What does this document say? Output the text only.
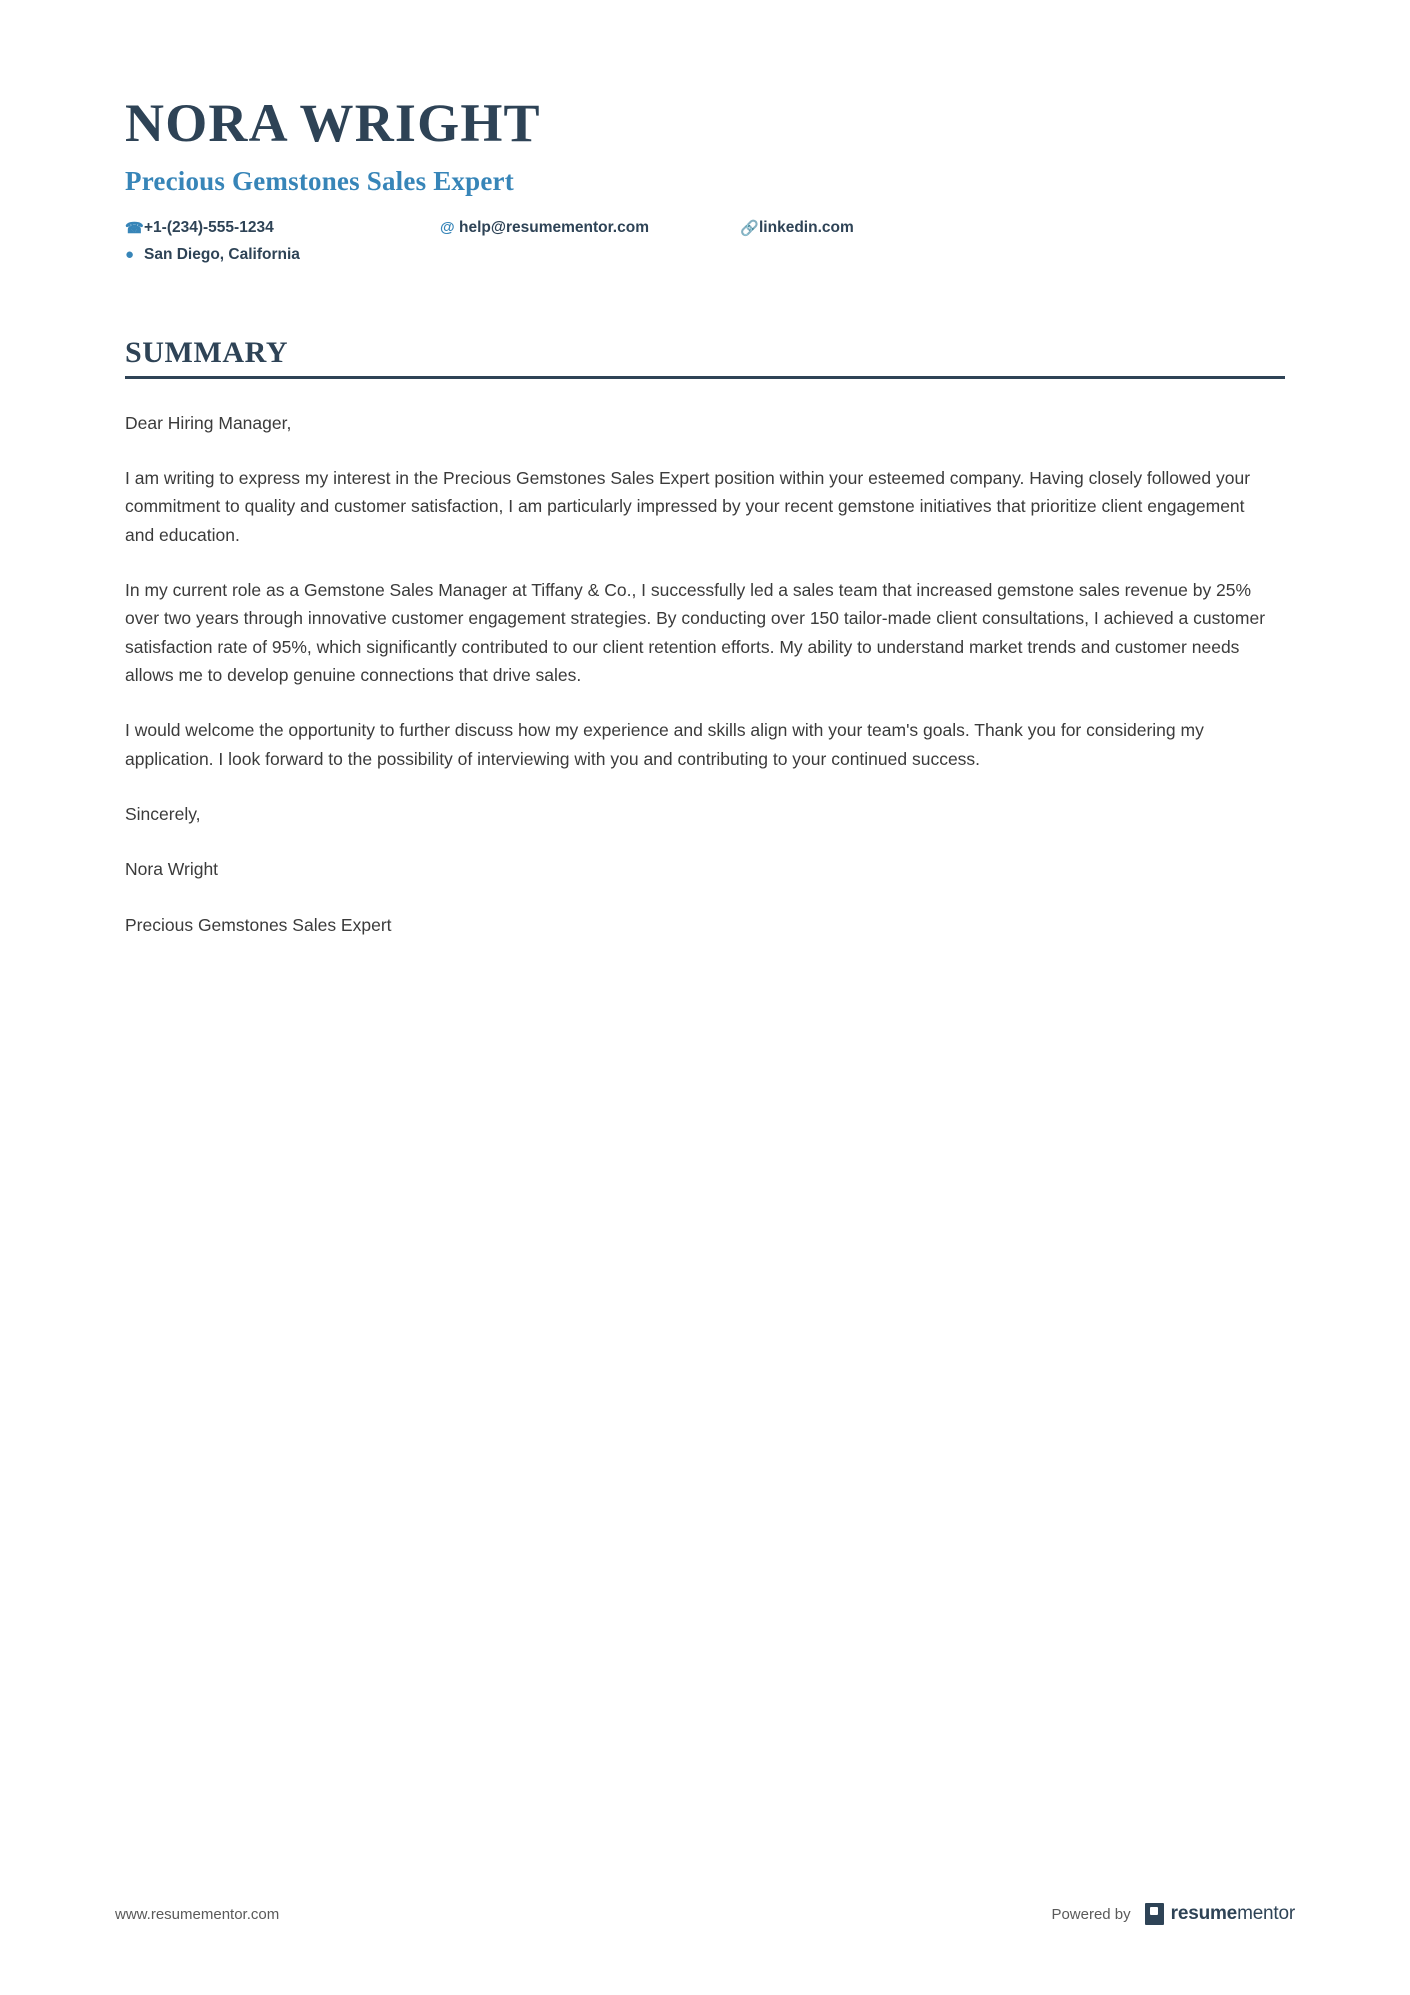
NORA WRIGHT
Precious Gemstones Sales Expert
☎ +1-(234)-555-1234	@ help@resumementor.com	🔗 linkedin.com
● San Diego, California
SUMMARY

Dear Hiring Manager,

I am writing to express my interest in the Precious Gemstones Sales Expert position within your esteemed company. Having closely followed your commitment to quality and customer satisfaction, I am particularly impressed by your recent gemstone initiatives that prioritize client engagement and education.

In my current role as a Gemstone Sales Manager at Tiffany & Co., I successfully led a sales team that increased gemstone sales revenue by 25% over two years through innovative customer engagement strategies. By conducting over 150 tailor-made client consultations, I achieved a customer satisfaction rate of 95%, which significantly contributed to our client retention efforts. My ability to understand market trends and customer needs allows me to develop genuine connections that drive sales.

I would welcome the opportunity to further discuss how my experience and skills align with your team's goals. Thank you for considering my application. I look forward to the possibility of interviewing with you and contributing to your continued success.

Sincerely,

Nora Wright

Precious Gemstones Sales Expert

www.resumementor.com	Powered by resumementor
